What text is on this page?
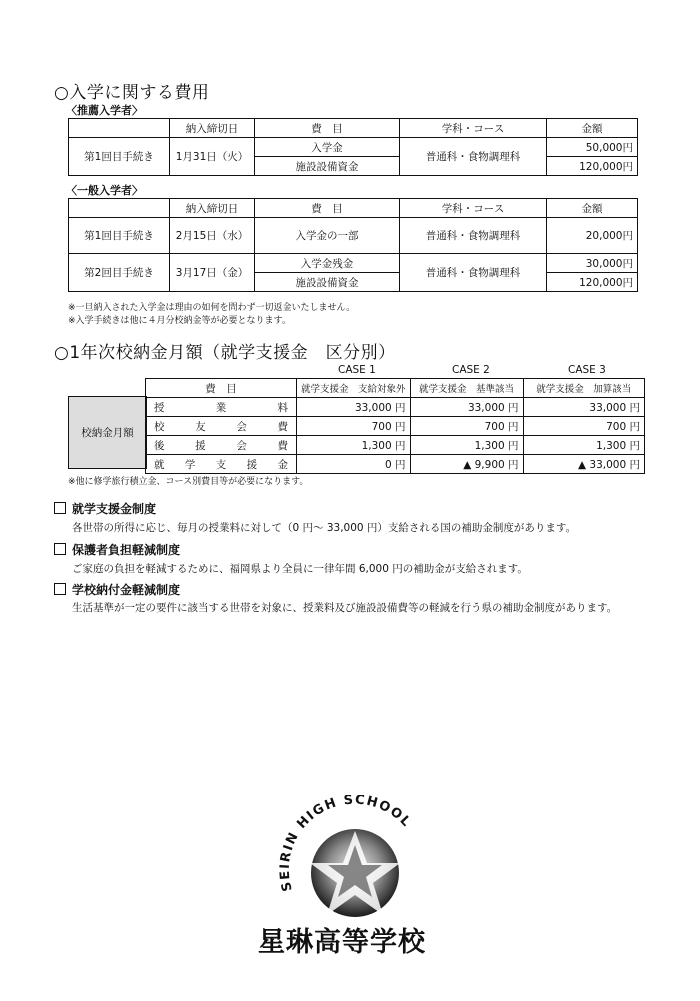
○入学に関する費用
〈推薦入学者〉
	納入締切日	費　目	学科・コース	金額
第1回目手続き	1月31日（火）	入学金	普通科・食物調理科	50,000円
		施設設備資金		120,000円
〈一般入学者〉
	納入締切日	費　目	学科・コース	金額
第1回目手続き	2月15日（水）	入学金の一部	普通科・食物調理科	20,000円
第2回目手続き	3月17日（金）	入学金残金	普通科・食物調理科	30,000円
		施設設備資金		120,000円
※一旦納入された入学金は理由の如何を問わず一切返金いたしません。
※入学手続きは他に４月分校納金等が必要となります。
○1年次校納金月額（就学支援金　区分別）
CASE 1	CASE 2	CASE 3
校納金月額
費　目	就学支援金　支給対象外	就学支援金　基準該当	就学支援金　加算該当

授 業 料	33,000 円	33,000 円	33,000 円

校 友 会 費	700 円	700 円	700 円

後 援 会 費	1,300 円	1,300 円	1,300 円

就 学 支 援 金	0 円	▲ 9,900 円	▲ 33,000 円
※他に修学旅行積立金、コース別費目等が必要になります。
就学支援金制度
各世帯の所得に応じ、毎月の授業料に対して（0 円～ 33,000 円）支給される国の補助金制度があります。
保護者負担軽減制度
ご家庭の負担を軽減するために、福岡県より全員に一律年間 6,000 円の補助金が支給されます。
学校納付金軽減制度
生活基準が一定の要件に該当する世帯を対象に、授業料及び施設設備費等の軽減を行う県の補助金制度があります。
SEIRIN HIGH SCHOOL
星琳高等学校
